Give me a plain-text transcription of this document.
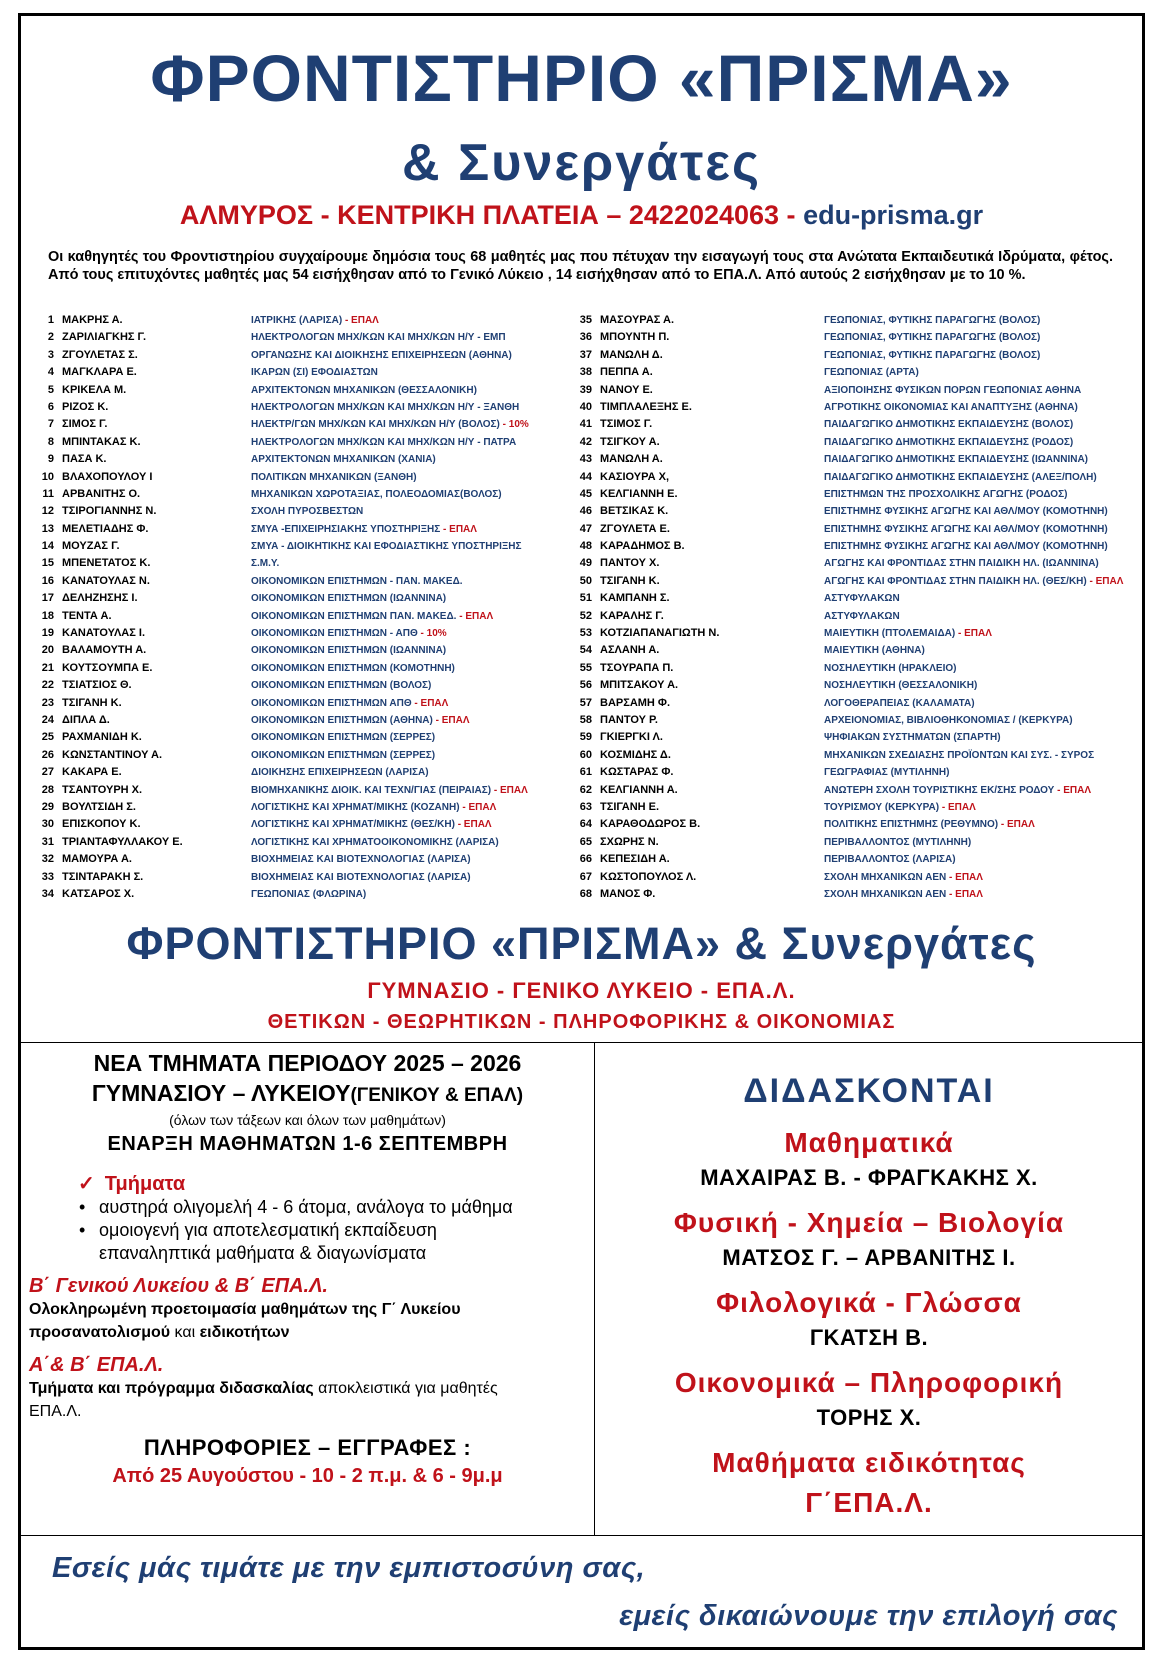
ΦΡΟΝΤΙΣΤΗΡΙΟ «ΠΡΙΣΜΑ»
& Συνεργάτες
ΑΛΜΥΡΟΣ - ΚΕΝΤΡΙΚΗ ΠΛΑΤΕΙΑ – 2422024063 - edu-prisma.gr
Οι καθηγητές του Φροντιστηρίου συγχαίρουμε δημόσια τους 68 μαθητές μας που πέτυχαν την εισαγωγή τους στα Ανώτατα Εκπαιδευτικά Ιδρύματα, φέτος. Από τους επιτυχόντες μαθητές μας 54 εισήχθησαν από το Γενικό Λύκειο , 14 εισήχθησαν από το ΕΠΑ.Λ. Από αυτούς 2 εισήχθησαν με το 10 %.
1 ΜΑΚΡΗΣ Α.	ΙΑΤΡΙΚΗΣ (ΛΑΡΙΣΑ) - ΕΠΑΛ
2 ΖΑΡΙΛΙΑΓΚΗΣ Γ.	ΗΛΕΚΤΡΟΛΟΓΩΝ ΜΗΧ/ΚΩΝ ΚΑΙ ΜΗΧ/ΚΩΝ Η/Υ - ΕΜΠ
3 ΖΓΟΥΛΕΤΑΣ Σ.	ΟΡΓΑΝΩΣΗΣ ΚΑΙ ΔΙΟΙΚΗΣΗΣ ΕΠΙΧΕΙΡΗΣΕΩΝ (ΑΘΗΝΑ)
4 ΜΑΓΚΛΑΡΑ Ε.	ΙΚΑΡΩΝ (ΣΙ) ΕΦΟΔΙΑΣΤΩΝ
5 ΚΡΙΚΕΛΑ Μ.	ΑΡΧΙΤΕΚΤΟΝΩΝ ΜΗΧΑΝΙΚΩΝ (ΘΕΣΣΑΛΟΝΙΚΗ)
6 ΡΙΖΟΣ Κ.	ΗΛΕΚΤΡΟΛΟΓΩΝ ΜΗΧ/ΚΩΝ ΚΑΙ ΜΗΧ/ΚΩΝ Η/Υ - ΞΑΝΘΗ
7 ΣΙΜΟΣ Γ.	ΗΛΕΚΤΡ/ΓΩΝ ΜΗΧ/ΚΩΝ ΚΑΙ ΜΗΧ/ΚΩΝ Η/Υ (ΒΟΛΟΣ) - 10%
8 ΜΠΙΝΤΑΚΑΣ Κ.	ΗΛΕΚΤΡΟΛΟΓΩΝ ΜΗΧ/ΚΩΝ ΚΑΙ ΜΗΧ/ΚΩΝ Η/Υ - ΠΑΤΡΑ
9 ΠΑΣΑ Κ.	ΑΡΧΙΤΕΚΤΟΝΩΝ ΜΗΧΑΝΙΚΩΝ (ΧΑΝΙΑ)
10 ΒΛΑΧΟΠΟΥΛΟΥ Ι	ΠΟΛΙΤΙΚΩΝ ΜΗΧΑΝΙΚΩΝ (ΞΑΝΘΗ)
11 ΑΡΒΑΝΙΤΗΣ Ο.	ΜΗΧΑΝΙΚΩΝ ΧΩΡΟΤΑΞΙΑΣ, ΠΟΛΕΟΔΟΜΙΑΣ(ΒΟΛΟΣ)
12 ΤΣΙΡΟΓΙΑΝΝΗΣ Ν.	ΣΧΟΛΗ ΠΥΡΟΣΒΕΣΤΩΝ
13 ΜΕΛΕΤΙΑΔΗΣ Φ.	ΣΜΥΑ -ΕΠΙΧΕΙΡΗΣΙΑΚΗΣ ΥΠΟΣΤΗΡΙΞΗΣ - ΕΠΑΛ
14 ΜΟΥΖΑΣ Γ.	ΣΜΥΑ - ΔΙΟΙΚΗΤΙΚΗΣ ΚΑΙ ΕΦΟΔΙΑΣΤΙΚΗΣ ΥΠΟΣΤΗΡΙΞΗΣ
15 ΜΠΕΝΕΤΑΤΟΣ Κ.	Σ.Μ.Υ.
16 ΚΑΝΑΤΟΥΛΑΣ Ν.	ΟΙΚΟΝΟΜΙΚΩΝ ΕΠΙΣΤΗΜΩΝ - ΠΑΝ. ΜΑΚΕΔ.
17 ΔΕΛΗΖΗΣΗΣ Ι.	ΟΙΚΟΝΟΜΙΚΩΝ ΕΠΙΣΤΗΜΩΝ (ΙΩΑΝΝΙΝΑ)
18 ΤΕΝΤΑ Α.	ΟΙΚΟΝΟΜΙΚΩΝ ΕΠΙΣΤΗΜΩΝ ΠΑΝ. ΜΑΚΕΔ. - ΕΠΑΛ
19 ΚΑΝΑΤΟΥΛΑΣ Ι.	ΟΙΚΟΝΟΜΙΚΩΝ ΕΠΙΣΤΗΜΩΝ - ΑΠΘ - 10%
20 ΒΑΛΑΜΟΥΤΗ Α.	ΟΙΚΟΝΟΜΙΚΩΝ ΕΠΙΣΤΗΜΩΝ (ΙΩΑΝΝΙΝΑ)
21 ΚΟΥΤΣΟΥΜΠΑ Ε.	ΟΙΚΟΝΟΜΙΚΩΝ ΕΠΙΣΤΗΜΩΝ (ΚΟΜΟΤΗΝΗ)
22 ΤΣΙΑΤΣΙΟΣ Θ.	ΟΙΚΟΝΟΜΙΚΩΝ ΕΠΙΣΤΗΜΩΝ (ΒΟΛΟΣ)
23 ΤΣΙΓΑΝΗ Κ.	ΟΙΚΟΝΟΜΙΚΩΝ ΕΠΙΣΤΗΜΩΝ ΑΠΘ - ΕΠΑΛ
24 ΔΙΠΛΑ Δ.	ΟΙΚΟΝΟΜΙΚΩΝ ΕΠΙΣΤΗΜΩΝ (ΑΘΗΝΑ) - ΕΠΑΛ
25 ΡΑΧΜΑΝΙΔΗ Κ.	ΟΙΚΟΝΟΜΙΚΩΝ ΕΠΙΣΤΗΜΩΝ (ΣΕΡΡΕΣ)
26 ΚΩΝΣΤΑΝΤΙΝΟΥ Α.	ΟΙΚΟΝΟΜΙΚΩΝ ΕΠΙΣΤΗΜΩΝ (ΣΕΡΡΕΣ)
27 ΚΑΚΑΡΑ Ε.	ΔΙΟΙΚΗΣΗΣ ΕΠΙΧΕΙΡΗΣΕΩΝ (ΛΑΡΙΣΑ)
28 ΤΣΑΝΤΟΥΡΗ Χ.	ΒΙΟΜΗΧΑΝΙΚΗΣ ΔΙΟΙΚ. ΚΑΙ ΤΕΧΝ/ΓΙΑΣ (ΠΕΙΡΑΙΑΣ) - ΕΠΑΛ
29 ΒΟΥΛΤΣΙΔΗ Σ.	ΛΟΓΙΣΤΙΚΗΣ ΚΑΙ ΧΡΗΜΑΤ/ΜΙΚΗΣ (ΚΟΖΑΝΗ) - ΕΠΑΛ
30 ΕΠΙΣΚΟΠΟΥ Κ.	ΛΟΓΙΣΤΙΚΗΣ ΚΑΙ ΧΡΗΜΑΤ/ΜΙΚΗΣ (ΘΕΣ/ΚΗ) - ΕΠΑΛ
31 ΤΡΙΑΝΤΑΦΥΛΛΑΚΟΥ Ε.	ΛΟΓΙΣΤΙΚΗΣ ΚΑΙ ΧΡΗΜΑΤΟΟΙΚΟΝΟΜΙΚΗΣ (ΛΑΡΙΣΑ)
32 ΜΑΜΟΥΡΑ Α.	ΒΙΟΧΗΜΕΙΑΣ ΚΑΙ ΒΙΟΤΕΧΝΟΛΟΓΙΑΣ (ΛΑΡΙΣΑ)
33 ΤΣΙΝΤΑΡΑΚΗ Σ.	ΒΙΟΧΗΜΕΙΑΣ ΚΑΙ ΒΙΟΤΕΧΝΟΛΟΓΙΑΣ (ΛΑΡΙΣΑ)
34 ΚΑΤΣΑΡΟΣ Χ.	ΓΕΩΠΟΝΙΑΣ (ΦΛΩΡΙΝΑ)
35 ΜΑΣΟΥΡΑΣ Α.	ΓΕΩΠΟΝΙΑΣ, ΦΥΤΙΚΗΣ ΠΑΡΑΓΩΓΗΣ (ΒΟΛΟΣ)
36 ΜΠΟΥΝΤΗ Π.	ΓΕΩΠΟΝΙΑΣ, ΦΥΤΙΚΗΣ ΠΑΡΑΓΩΓΗΣ (ΒΟΛΟΣ)
37 ΜΑΝΩΛΗ Δ.	ΓΕΩΠΟΝΙΑΣ, ΦΥΤΙΚΗΣ ΠΑΡΑΓΩΓΗΣ (ΒΟΛΟΣ)
38 ΠΕΠΠΑ Α.	ΓΕΩΠΟΝΙΑΣ (ΑΡΤΑ)
39 ΝΑΝΟΥ Ε.	ΑΞΙΟΠΟΙΗΣΗΣ ΦΥΣΙΚΩΝ ΠΟΡΩΝ ΓΕΩΠΟΝΙΑΣ ΑΘΗΝΑ
40 ΤΙΜΠΛΑΛΕΞΗΣ Ε.	ΑΓΡΟΤΙΚΗΣ ΟΙΚΟΝΟΜΙΑΣ ΚΑΙ ΑΝΑΠΤΥΞΗΣ (ΑΘΗΝΑ)
41 ΤΣΙΜΟΣ Γ.	ΠΑΙΔΑΓΩΓΙΚΟ ΔΗΜΟΤΙΚΗΣ ΕΚΠΑΙΔΕΥΣΗΣ (ΒΟΛΟΣ)
42 ΤΣΙΓΚΟΥ Α.	ΠΑΙΔΑΓΩΓΙΚΟ ΔΗΜΟΤΙΚΗΣ ΕΚΠΑΙΔΕΥΣΗΣ (ΡΟΔΟΣ)
43 ΜΑΝΩΛΗ Α.	ΠΑΙΔΑΓΩΓΙΚΟ ΔΗΜΟΤΙΚΗΣ ΕΚΠΑΙΔΕΥΣΗΣ (ΙΩΑΝΝΙΝΑ)
44 ΚΑΣΙΟΥΡΑ Χ,	ΠΑΙΔΑΓΩΓΙΚΟ ΔΗΜΟΤΙΚΗΣ ΕΚΠΑΙΔΕΥΣΗΣ (ΑΛΕΞ/ΠΟΛΗ)
45 ΚΕΛΓΙΑΝΝΗ Ε.	ΕΠΙΣΤΗΜΩΝ ΤΗΣ ΠΡΟΣΧΟΛΙΚΗΣ ΑΓΩΓΗΣ (ΡΟΔΟΣ)
46 ΒΕΤΣΙΚΑΣ Κ.	ΕΠΙΣΤΗΜΗΣ ΦΥΣΙΚΗΣ ΑΓΩΓΗΣ ΚΑΙ ΑΘΛ/ΜΟΥ (ΚΟΜΟΤΗΝΗ)
47 ΖΓΟΥΛΕΤΑ Ε.	ΕΠΙΣΤΗΜΗΣ ΦΥΣΙΚΗΣ ΑΓΩΓΗΣ ΚΑΙ ΑΘΛ/ΜΟΥ (ΚΟΜΟΤΗΝΗ)
48 ΚΑΡΑΔΗΜΟΣ Β.	ΕΠΙΣΤΗΜΗΣ ΦΥΣΙΚΗΣ ΑΓΩΓΗΣ ΚΑΙ ΑΘΛ/ΜΟΥ (ΚΟΜΟΤΗΝΗ)
49 ΠΑΝΤΟΥ Χ.	ΑΓΩΓΗΣ ΚΑΙ ΦΡΟΝΤΙΔΑΣ ΣΤΗΝ ΠΑΙΔΙΚΗ ΗΛ. (ΙΩΑΝΝΙΝΑ)
50 ΤΣΙΓΑΝΗ Κ.	ΑΓΩΓΗΣ ΚΑΙ ΦΡΟΝΤΙΔΑΣ ΣΤΗΝ ΠΑΙΔΙΚΗ ΗΛ. (ΘΕΣ/ΚΗ) - ΕΠΑΛ
51 ΚΑΜΠΑΝΗ Σ.	ΑΣΤΥΦΥΛΑΚΩΝ
52 ΚΑΡΑΛΗΣ Γ.	ΑΣΤΥΦΥΛΑΚΩΝ
53 ΚΟΤΖΙΑΠΑΝΑΓΙΩΤΗ Ν.	ΜΑΙΕΥΤΙΚΗ (ΠΤΟΛΕΜΑΙΔΑ) - ΕΠΑΛ
54 ΑΣΛΑΝΗ Α.	ΜΑΙΕΥΤΙΚΗ (ΑΘΗΝΑ)
55 ΤΣΟΥΡΑΠΑ Π.	ΝΟΣΗΛΕΥΤΙΚΗ (ΗΡΑΚΛΕΙΟ)
56 ΜΠΙΤΣΑΚΟΥ Α.	ΝΟΣΗΛΕΥΤΙΚΗ (ΘΕΣΣΑΛΟΝΙΚΗ)
57 ΒΑΡΣΑΜΗ Φ.	ΛΟΓΟΘΕΡΑΠΕΙΑΣ (ΚΑΛΑΜΑΤΑ)
58 ΠΑΝΤΟΥ Ρ.	ΑΡΧΕΙΟΝΟΜΙΑΣ, ΒΙΒΛΙΟΘΗΚΟΝΟΜΙΑΣ / (ΚΕΡΚΥΡΑ)
59 ΓΚΙΕΡΓΚΙ Λ.	ΨΗΦΙΑΚΩΝ ΣΥΣΤΗΜΑΤΩΝ (ΣΠΑΡΤΗ)
60 ΚΟΣΜΙΔΗΣ Δ.	ΜΗΧΑΝΙΚΩΝ ΣΧΕΔΙΑΣΗΣ ΠΡΟΪΟΝΤΩΝ ΚΑΙ ΣΥΣ. - ΣΥΡΟΣ
61 ΚΩΣΤΑΡΑΣ Φ.	ΓΕΩΓΡΑΦΙΑΣ (ΜΥΤΙΛΗΝΗ)
62 ΚΕΛΓΙΑΝΝΗ Α.	ΑΝΩΤΕΡΗ ΣΧΟΛΗ ΤΟΥΡΙΣΤΙΚΗΣ ΕΚ/ΣΗΣ ΡΟΔΟΥ - ΕΠΑΛ
63 ΤΣΙΓΑΝΗ Ε.	ΤΟΥΡΙΣΜΟΥ (ΚΕΡΚΥΡΑ) - ΕΠΑΛ
64 ΚΑΡΑΘΟΔΩΡΟΣ Β.	ΠΟΛΙΤΙΚΗΣ ΕΠΙΣΤΗΜΗΣ (ΡΕΘΥΜΝΟ) - ΕΠΑΛ
65 ΣΧΩΡΗΣ Ν.	ΠΕΡΙΒΑΛΛΟΝΤΟΣ (ΜΥΤΙΛΗΝΗ)
66 ΚΕΠΕΣΙΔΗ Α.	ΠΕΡΙΒΑΛΛΟΝΤΟΣ (ΛΑΡΙΣΑ)
67 ΚΩΣΤΟΠΟΥΛΟΣ Λ.	ΣΧΟΛΗ ΜΗΧΑΝΙΚΩΝ ΑΕΝ - ΕΠΑΛ
68 ΜΑΝΟΣ Φ.	ΣΧΟΛΗ ΜΗΧΑΝΙΚΩΝ ΑΕΝ - ΕΠΑΛ
ΦΡΟΝΤΙΣΤΗΡΙΟ «ΠΡΙΣΜΑ» & Συνεργάτες
ΓΥΜΝΑΣΙΟ - ΓΕΝΙΚΟ ΛΥΚΕΙΟ - ΕΠΑ.Λ.
ΘΕΤΙΚΩΝ - ΘΕΩΡΗΤΙΚΩΝ - ΠΛΗΡΟΦΟΡΙΚΗΣ & ΟΙΚΟΝΟΜΙΑΣ
ΝΕΑ ΤΜΗΜΑΤΑ ΠΕΡΙΟΔΟΥ 2025 – 2026
ΓΥΜΝΑΣΙΟΥ – ΛΥΚΕΙΟΥ(ΓΕΝΙΚΟΥ & ΕΠΑΛ)
(όλων των τάξεων και όλων των μαθημάτων)
ΕΝΑΡΞΗ ΜΑΘΗΜΑΤΩΝ 1-6 ΣΕΠΤΕΜΒΡΗ
✓ Τμήματα
• αυστηρά ολιγομελή 4 - 6 άτομα, ανάλογα το μάθημα
• ομοιογενή για αποτελεσματική εκπαίδευση
επαναληπτικά μαθήματα & διαγωνίσματα
Β΄ Γενικού Λυκείου & Β΄ ΕΠΑ.Λ.
Ολοκληρωμένη προετοιμασία μαθημάτων της Γ΄ Λυκείου
προσανατολισμού και ειδικοτήτων
Α΄& Β΄ ΕΠΑ.Λ.
Τμήματα και πρόγραμμα διδασκαλίας αποκλειστικά για μαθητές
ΕΠΑ.Λ.
ΠΛΗΡΟΦΟΡΙΕΣ – ΕΓΓΡΑΦΕΣ :
Από 25 Αυγούστου - 10 - 2 π.μ. & 6 - 9μ.μ
ΔΙΔΑΣΚΟΝΤΑΙ
Μαθηματικά
ΜΑΧΑΙΡΑΣ Β. - ΦΡΑΓΚΑΚΗΣ Χ.
Φυσική - Χημεία – Βιολογία
ΜΑΤΣΟΣ Γ. – ΑΡΒΑΝΙΤΗΣ Ι.
Φιλολογικά - Γλώσσα
ΓΚΑΤΣΗ Β.
Οικονομικά – Πληροφορική
ΤΟΡΗΣ Χ.
Μαθήματα ειδικότητας
Γ΄ΕΠΑ.Λ.
Εσείς μάς τιμάτε με την εμπιστοσύνη σας,
εμείς δικαιώνουμε την επιλογή σας
